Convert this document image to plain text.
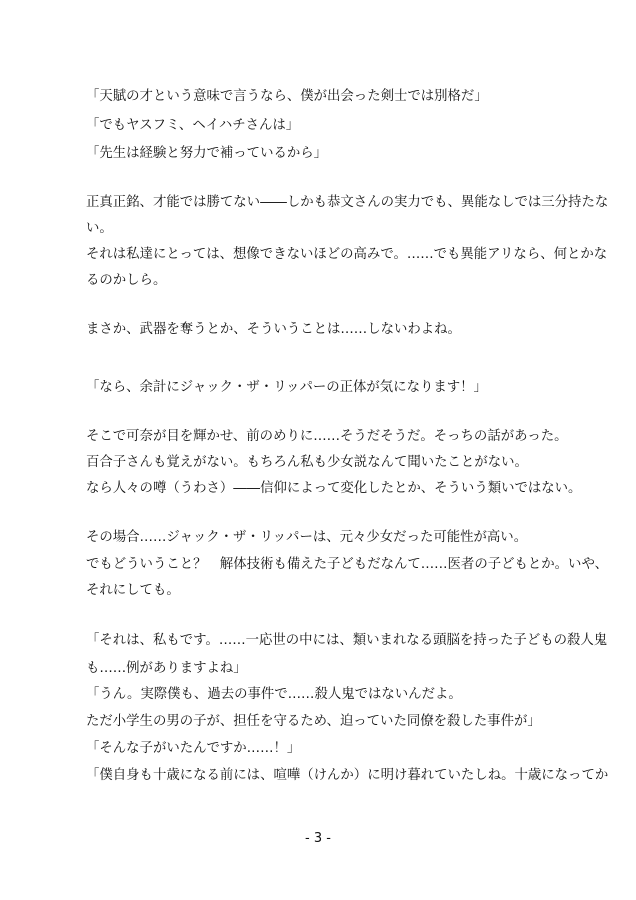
「天賦の才という意味で言うなら、僕が出会った剣士では別格だ」
「でもヤスフミ、ヘイハチさんは」
「先生は経験と努力で補っているから」
正真正銘、才能では勝てない――しかも恭文さんの実力でも、異能なしでは三分持たな
い。
それは私達にとっては、想像できないほどの高みで。……でも異能アリなら、何とかな
るのかしら。
まさか、武器を奪うとか、そういうことは……しないわよね。
「なら、余計にジャック・ザ・リッパーの正体が気になります！」
そこで可奈が目を輝かせ、前のめりに……そうだそうだ。そっちの話があった。
百合子さんも覚えがない。もちろん私も少女説なんて聞いたことがない。
なら人々の噂（うわさ）――信仰によって変化したとか、そういう類いではない。
その場合……ジャック・ザ・リッパーは、元々少女だった可能性が高い。
でもどういうこと？　解体技術も備えた子どもだなんて……医者の子どもとか。いや、
それにしても。
「それは、私もです。……一応世の中には、類いまれなる頭脳を持った子どもの殺人鬼
も……例がありますよね」
「うん。実際僕も、過去の事件で……殺人鬼ではないんだよ。
ただ小学生の男の子が、担任を守るため、迫っていた同僚を殺した事件が」
「そんな子がいたんですか……！」
「僕自身も十歳になる前には、喧嘩（けんか）に明け暮れていたしね。十歳になってか
- 3 -
